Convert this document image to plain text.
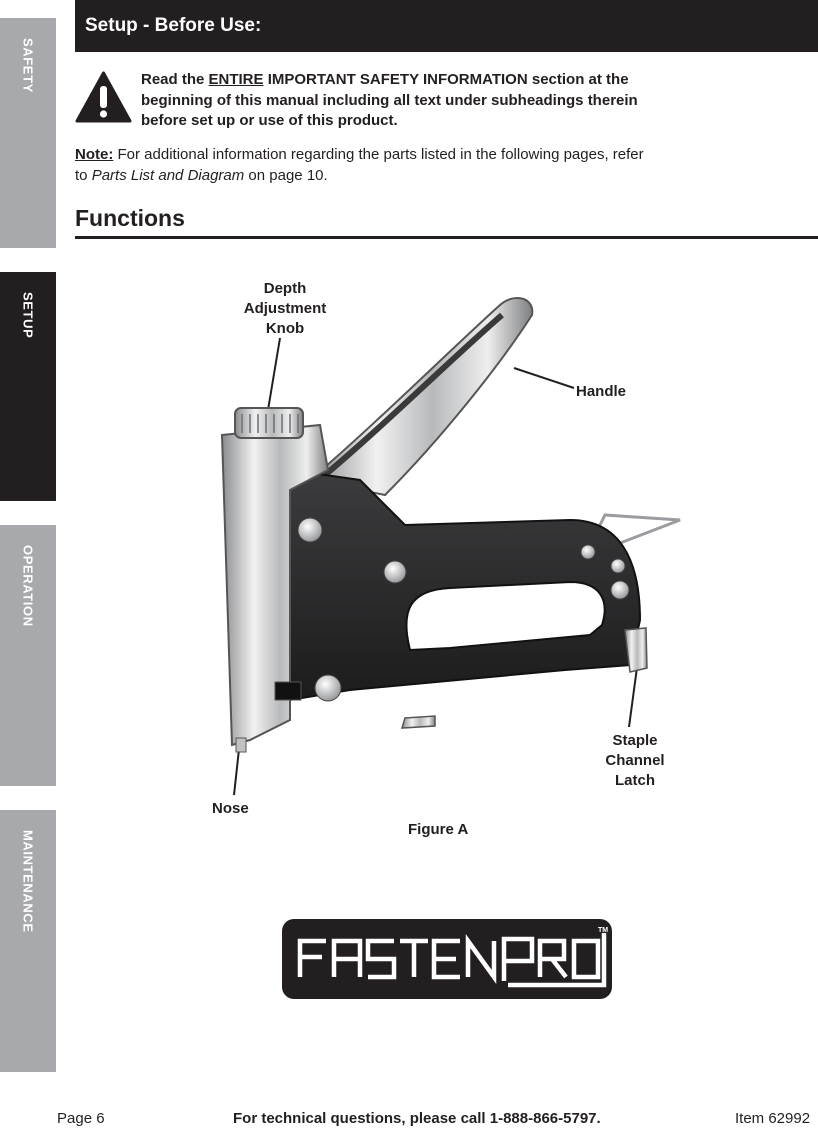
SAFETY
SETUP
OPERATION
MAINTENANCE
Setup - Before Use:
Read the ENTIRE IMPORTANT SAFETY INFORMATION section at the beginning of this manual including all text under subheadings therein before set up or use of this product.
Note: For additional information regarding the parts listed in the following pages, refer to Parts List and Diagram on page 10.
Functions
Depth Adjustment Knob
Handle
Staple Channel Latch
Nose
Figure A
TM
Page 6	For technical questions, please call 1-888-866-5797.	Item 62992
